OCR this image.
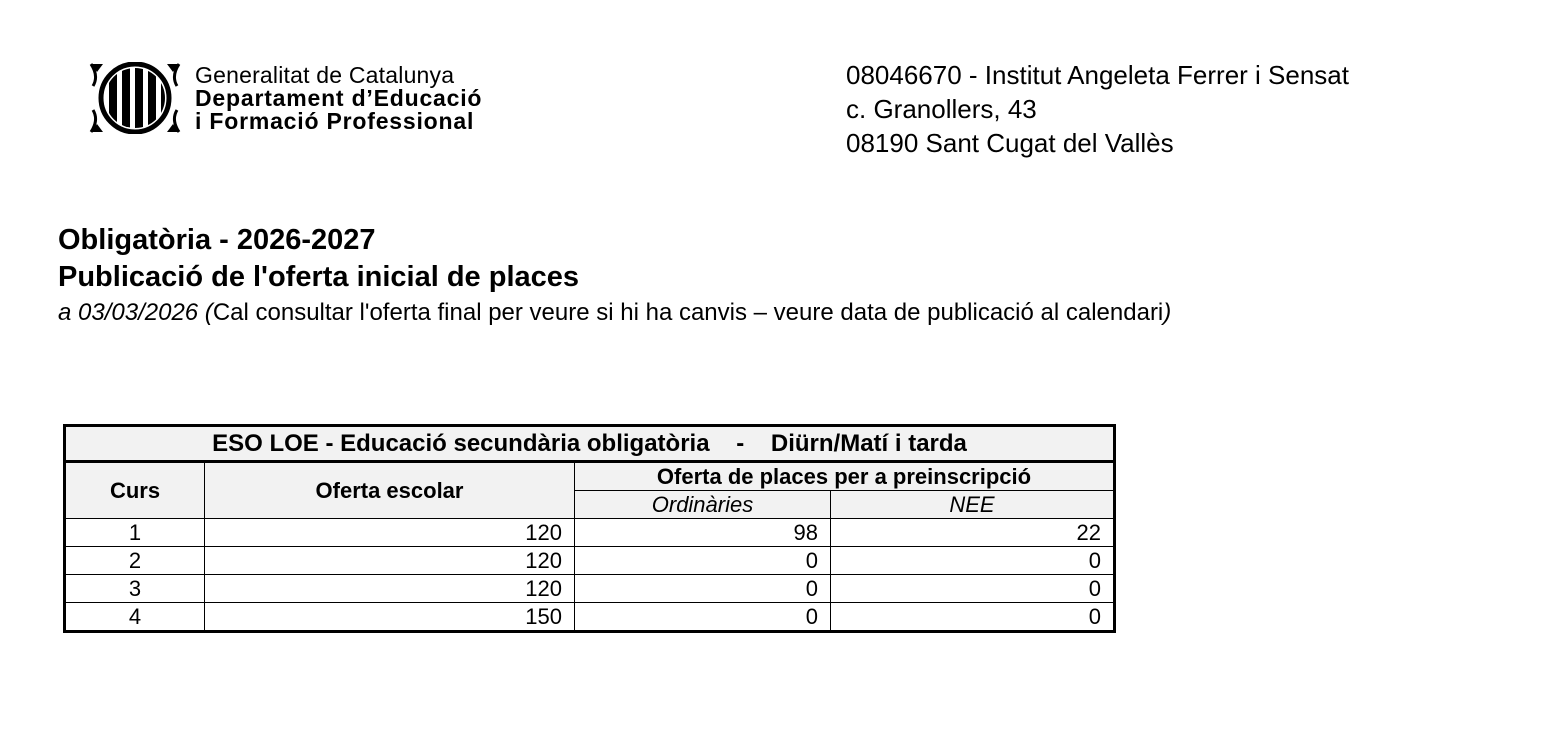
Generalitat de Catalunya
Departament d’Educació
i Formació Professional
08046670 - Institut Angeleta Ferrer i Sensat
c. Granollers, 43
08190 Sant Cugat del Vallès
Obligatòria - 2026-2027
Publicació de l'oferta inicial de places
a 03/03/2026 (Cal consultar l'oferta final per veure si hi ha canvis – veure data de publicació al calendari)
ESO LOE - Educació secundària obligatòria    -    Diürn/Matí i tarda			
Curs	Oferta escolar	Oferta de places per a preinscripció	
		Ordinàries	NEE
1	120	98	22
2	120	0	0
3	120	0	0
4	150	0	0
